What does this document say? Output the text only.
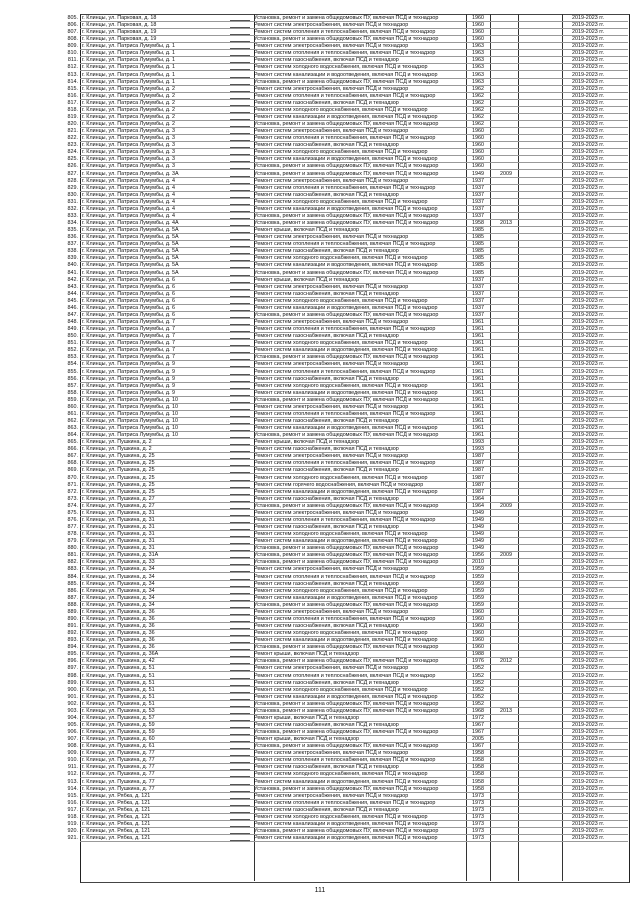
805. г. Клинцы, ул. Парковая, д. 18	Установка, ремонт и замена общедомовых ПУ, включая ПСД и технадзор	1960	2019-2023 гг.
806. г. Клинцы, ул. Парковая, д. 18	Ремонт систем электроснабжения, включая ПСД и технадзор	1960	2019-2023 гг.
807. г. Клинцы, ул. Парковая, д. 19	Ремонт систем отопления и теплоснабжения, включая ПСД и технадзор	1960	2019-2023 гг.
808. г. Клинцы, ул. Парковая, д. 19	Установка, ремонт и замена общедомовых ПУ, включая ПСД и технадзор	1960	2019-2023 гг.
809. г. Клинцы, ул. Патриса Лумумбы, д. 1	Ремонт систем электроснабжения, включая ПСД и технадзор	1963	2019-2023 гг.
810. г. Клинцы, ул. Патриса Лумумбы, д. 1	Ремонт систем отопления и теплоснабжения, включая ПСД и технадзор	1963	2019-2023 гг.
811. г. Клинцы, ул. Патриса Лумумбы, д. 1	Ремонт систем газоснабжения, включая ПСД и технадзор	1963	2019-2023 гг.
812. г. Клинцы, ул. Патриса Лумумбы, д. 1	Ремонт систем холодного водоснабжения, включая ПСД и технадзор	1963	2019-2023 гг.
813. г. Клинцы, ул. Патриса Лумумбы, д. 1	Ремонт систем канализации и водоотведения, включая ПСД и технадзор	1963	2019-2023 гг.
814. г. Клинцы, ул. Патриса Лумумбы, д. 1	Установка, ремонт и замена общедомовых ПУ, включая ПСД и технадзор	1963	2019-2023 гг.
815. г. Клинцы, ул. Патриса Лумумбы, д. 2	Ремонт систем электроснабжения, включая ПСД и технадзор	1962	2019-2023 гг.
816. г. Клинцы, ул. Патриса Лумумбы, д. 2	Ремонт систем отопления и теплоснабжения, включая ПСД и технадзор	1962	2019-2023 гг.
817. г. Клинцы, ул. Патриса Лумумбы, д. 2	Ремонт систем газоснабжения, включая ПСД и технадзор	1962	2019-2023 гг.
818. г. Клинцы, ул. Патриса Лумумбы, д. 2	Ремонт систем холодного водоснабжения, включая ПСД и технадзор	1962	2019-2023 гг.
819. г. Клинцы, ул. Патриса Лумумбы, д. 2	Ремонт систем канализации и водоотведения, включая ПСД и технадзор	1962	2019-2023 гг.
820. г. Клинцы, ул. Патриса Лумумбы, д. 2	Установка, ремонт и замена общедомовых ПУ, включая ПСД и технадзор	1962	2019-2023 гг.
821. г. Клинцы, ул. Патриса Лумумбы, д. 3	Ремонт систем электроснабжения, включая ПСД и технадзор	1960	2019-2023 гг.
822. г. Клинцы, ул. Патриса Лумумбы, д. 3	Ремонт систем отопления и теплоснабжения, включая ПСД и технадзор	1960	2019-2023 гг.
823. г. Клинцы, ул. Патриса Лумумбы, д. 3	Ремонт систем газоснабжения, включая ПСД и технадзор	1960	2019-2023 гг.
824. г. Клинцы, ул. Патриса Лумумбы, д. 3	Ремонт систем холодного водоснабжения, включая ПСД и технадзор	1960	2019-2023 гг.
825. г. Клинцы, ул. Патриса Лумумбы, д. 3	Ремонт систем канализации и водоотведения, включая ПСД и технадзор	1960	2019-2023 гг.
826. г. Клинцы, ул. Патриса Лумумбы, д. 3	Установка, ремонт и замена общедомовых ПУ, включая ПСД и технадзор	1960	2019-2023 гг.
827. г. Клинцы, ул. Патриса Лумумбы, д. 3А	Установка, ремонт и замена общедомовых ПУ, включая ПСД и технадзор	1949	2009	2019-2023 гг.
828. г. Клинцы, ул. Патриса Лумумбы, д. 4	Ремонт систем электроснабжения, включая ПСД и технадзор	1937	2019-2023 гг.
829. г. Клинцы, ул. Патриса Лумумбы, д. 4	Ремонт систем отопления и теплоснабжения, включая ПСД и технадзор	1937	2019-2023 гг.
830. г. Клинцы, ул. Патриса Лумумбы, д. 4	Ремонт систем газоснабжения, включая ПСД и технадзор	1937	2019-2023 гг.
831. г. Клинцы, ул. Патриса Лумумбы, д. 4	Ремонт систем холодного водоснабжения, включая ПСД и технадзор	1937	2019-2023 гг.
832. г. Клинцы, ул. Патриса Лумумбы, д. 4	Ремонт систем канализации и водоотведения, включая ПСД и технадзор	1937	2019-2023 гг.
833. г. Клинцы, ул. Патриса Лумумбы, д. 4	Установка, ремонт и замена общедомовых ПУ, включая ПСД и технадзор	1937	2019-2023 гг.
834. г. Клинцы, ул. Патриса Лумумбы, д. 4А	Установка, ремонт и замена общедомовых ПУ, включая ПСД и технадзор	1958	2013	2019-2023 гг.
835. г. Клинцы, ул. Патриса Лумумбы, д. 5А	Ремонт крыши, включая ПСД и технадзор	1985	2019-2023 гг.
836. г. Клинцы, ул. Патриса Лумумбы, д. 5А	Ремонт систем электроснабжения, включая ПСД и технадзор	1985	2019-2023 гг.
837. г. Клинцы, ул. Патриса Лумумбы, д. 5А	Ремонт систем отопления и теплоснабжения, включая ПСД и технадзор	1985	2019-2023 гг.
838. г. Клинцы, ул. Патриса Лумумбы, д. 5А	Ремонт систем газоснабжения, включая ПСД и технадзор	1985	2019-2023 гг.
839. г. Клинцы, ул. Патриса Лумумбы, д. 5А	Ремонт систем холодного водоснабжения, включая ПСД и технадзор	1985	2019-2023 гг.
840. г. Клинцы, ул. Патриса Лумумбы, д. 5А	Ремонт систем канализации и водоотведения, включая ПСД и технадзор	1985	2019-2023 гг.
841. г. Клинцы, ул. Патриса Лумумбы, д. 5А	Установка, ремонт и замена общедомовых ПУ, включая ПСД и технадзор	1985	2019-2023 гг.
842. г. Клинцы, ул. Патриса Лумумбы, д. 6	Ремонт крыши, включая ПСД и технадзор	1937	2019-2023 гг.
843. г. Клинцы, ул. Патриса Лумумбы, д. 6	Ремонт систем электроснабжения, включая ПСД и технадзор	1937	2019-2023 гг.
844. г. Клинцы, ул. Патриса Лумумбы, д. 6	Ремонт систем газоснабжения, включая ПСД и технадзор	1937	2019-2023 гг.
845. г. Клинцы, ул. Патриса Лумумбы, д. 6	Ремонт систем холодного водоснабжения, включая ПСД и технадзор	1937	2019-2023 гг.
846. г. Клинцы, ул. Патриса Лумумбы, д. 6	Ремонт систем канализации и водоотведения, включая ПСД и технадзор	1937	2019-2023 гг.
847. г. Клинцы, ул. Патриса Лумумбы, д. 6	Установка, ремонт и замена общедомовых ПУ, включая ПСД и технадзор	1937	2019-2023 гг.
848. г. Клинцы, ул. Патриса Лумумбы, д. 7	Ремонт систем электроснабжения, включая ПСД и технадзор	1961	2019-2023 гг.
849. г. Клинцы, ул. Патриса Лумумбы, д. 7	Ремонт систем отопления и теплоснабжения, включая ПСД и технадзор	1961	2019-2023 гг.
850. г. Клинцы, ул. Патриса Лумумбы, д. 7	Ремонт систем газоснабжения, включая ПСД и технадзор	1961	2019-2023 гг.
851. г. Клинцы, ул. Патриса Лумумбы, д. 7	Ремонт систем холодного водоснабжения, включая ПСД и технадзор	1961	2019-2023 гг.
852. г. Клинцы, ул. Патриса Лумумбы, д. 7	Ремонт систем канализации и водоотведения, включая ПСД и технадзор	1961	2019-2023 гг.
853. г. Клинцы, ул. Патриса Лумумбы, д. 7	Установка, ремонт и замена общедомовых ПУ, включая ПСД и технадзор	1961	2019-2023 гг.
854. г. Клинцы, ул. Патриса Лумумбы, д. 9	Ремонт систем электроснабжения, включая ПСД и технадзор	1961	2019-2023 гг.
855. г. Клинцы, ул. Патриса Лумумбы, д. 9	Ремонт систем отопления и теплоснабжения, включая ПСД и технадзор	1961	2019-2023 гг.
856. г. Клинцы, ул. Патриса Лумумбы, д. 9	Ремонт систем газоснабжения, включая ПСД и технадзор	1961	2019-2023 гг.
857. г. Клинцы, ул. Патриса Лумумбы, д. 9	Ремонт систем холодного водоснабжения, включая ПСД и технадзор	1961	2019-2023 гг.
858. г. Клинцы, ул. Патриса Лумумбы, д. 9	Ремонт систем канализации и водоотведения, включая ПСД и технадзор	1961	2019-2023 гг.
859. г. Клинцы, ул. Патриса Лумумбы, д. 10	Установка, ремонт и замена общедомовых ПУ, включая ПСД и технадзор	1961	2019-2023 гг.
860. г. Клинцы, ул. Патриса Лумумбы, д. 10	Ремонт систем электроснабжения, включая ПСД и технадзор	1961	2019-2023 гг.
861. г. Клинцы, ул. Патриса Лумумбы, д. 10	Ремонт систем отопления и теплоснабжения, включая ПСД и технадзор	1961	2019-2023 гг.
862. г. Клинцы, ул. Патриса Лумумбы, д. 10	Ремонт систем газоснабжения, включая ПСД и технадзор	1961	2019-2023 гг.
863. г. Клинцы, ул. Патриса Лумумбы, д. 10	Ремонт систем канализации и водоотведения, включая ПСД и технадзор	1961	2019-2023 гг.
864. г. Клинцы, ул. Патриса Лумумбы, д. 10	Установка, ремонт и замена общедомовых ПУ, включая ПСД и технадзор	1961	2019-2023 гг.
865. г. Клинцы, ул. Пушкина, д. 2	Ремонт крыши, включая ПСД и технадзор	1993	2019-2023 гг.
866. г. Клинцы, ул. Пушкина, д. 2	Ремонт систем газоснабжения, включая ПСД и технадзор	1993	2019-2023 гг.
867. г. Клинцы, ул. Пушкина, д. 25	Ремонт систем электроснабжения, включая ПСД и технадзор	1987	2019-2023 гг.
868. г. Клинцы, ул. Пушкина, д. 25	Ремонт систем отопления и теплоснабжения, включая ПСД и технадзор	1987	2019-2023 гг.
869. г. Клинцы, ул. Пушкина, д. 25	Ремонт систем газоснабжения, включая ПСД и технадзор	1987	2019-2023 гг.
870. г. Клинцы, ул. Пушкина, д. 25	Ремонт систем холодного водоснабжения, включая ПСД и технадзор	1987	2019-2023 гг.
871. г. Клинцы, ул. Пушкина, д. 25	Ремонт систем горячего водоснабжения, включая ПСД и технадзор	1987	2019-2023 гг.
872. г. Клинцы, ул. Пушкина, д. 25	Ремонт систем канализации и водоотведения, включая ПСД и технадзор	1987	2019-2023 гг.
873. г. Клинцы, ул. Пушкина, д. 27	Ремонт систем газоснабжения, включая ПСД и технадзор	1964	2019-2023 гг.
874. г. Клинцы, ул. Пушкина, д. 27	Установка, ремонт и замена общедомовых ПУ, включая ПСД и технадзор	1964	2009	2019-2023 гг.
875. г. Клинцы, ул. Пушкина, д. 31	Ремонт систем электроснабжения, включая ПСД и технадзор	1949	2019-2023 гг.
876. г. Клинцы, ул. Пушкина, д. 31	Ремонт систем отопления и теплоснабжения, включая ПСД и технадзор	1949	2019-2023 гг.
877. г. Клинцы, ул. Пушкина, д. 31	Ремонт систем газоснабжения, включая ПСД и технадзор	1949	2019-2023 гг.
878. г. Клинцы, ул. Пушкина, д. 31	Ремонт систем холодного водоснабжения, включая ПСД и технадзор	1949	2019-2023 гг.
879. г. Клинцы, ул. Пушкина, д. 31	Ремонт систем канализации и водоотведения, включая ПСД и технадзор	1949	2019-2023 гг.
880. г. Клинцы, ул. Пушкина, д. 31	Установка, ремонт и замена общедомовых ПУ, включая ПСД и технадзор	1949	2019-2023 гг.
881. г. Клинцы, ул. Пушкина, д. 31А	Установка, ремонт и замена общедомовых ПУ, включая ПСД и технадзор	1956	2009	2019-2023 гг.
882. г. Клинцы, ул. Пушкина, д. 33	Установка, ремонт и замена общедомовых ПУ, включая ПСД и технадзор	2010	2019-2023 гг.
883. г. Клинцы, ул. Пушкина, д. 34	Ремонт систем электроснабжения, включая ПСД и технадзор	1959	2019-2023 гг.
884. г. Клинцы, ул. Пушкина, д. 34	Ремонт систем отопления и теплоснабжения, включая ПСД и технадзор	1959	2019-2023 гг.
885. г. Клинцы, ул. Пушкина, д. 34	Ремонт систем газоснабжения, включая ПСД и технадзор	1959	2019-2023 гг.
886. г. Клинцы, ул. Пушкина, д. 34	Ремонт систем холодного водоснабжения, включая ПСД и технадзор	1959	2019-2023 гг.
887. г. Клинцы, ул. Пушкина, д. 34	Ремонт систем канализации и водоотведения, включая ПСД и технадзор	1959	2019-2023 гг.
888. г. Клинцы, ул. Пушкина, д. 34	Установка, ремонт и замена общедомовых ПУ, включая ПСД и технадзор	1959	2019-2023 гг.
889. г. Клинцы, ул. Пушкина, д. 36	Ремонт систем электроснабжения, включая ПСД и технадзор	1960	2019-2023 гг.
890. г. Клинцы, ул. Пушкина, д. 36	Ремонт систем отопления и теплоснабжения, включая ПСД и технадзор	1960	2019-2023 гг.
891. г. Клинцы, ул. Пушкина, д. 36	Ремонт систем газоснабжения, включая ПСД и технадзор	1960	2019-2023 гг.
892. г. Клинцы, ул. Пушкина, д. 36	Ремонт систем холодного водоснабжения, включая ПСД и технадзор	1960	2019-2023 гг.
893. г. Клинцы, ул. Пушкина, д. 36	Ремонт систем канализации и водоотведения, включая ПСД и технадзор	1960	2019-2023 гг.
894. г. Клинцы, ул. Пушкина, д. 36	Установка, ремонт и замена общедомовых ПУ, включая ПСД и технадзор	1960	2019-2023 гг.
895. г. Клинцы, ул. Пушкина, д. 36А	Ремонт крыши, включая ПСД и технадзор	1988	2019-2023 гг.
896. г. Клинцы, ул. Пушкина, д. 42	Установка, ремонт и замена общедомовых ПУ, включая ПСД и технадзор	1976	2012	2019-2023 гг.
897. г. Клинцы, ул. Пушкина, д. 51	Ремонт систем электроснабжения, включая ПСД и технадзор	1952	2019-2023 гг.
898. г. Клинцы, ул. Пушкина, д. 51	Ремонт систем отопления и теплоснабжения, включая ПСД и технадзор	1952	2019-2023 гг.
899. г. Клинцы, ул. Пушкина, д. 51	Ремонт систем газоснабжения, включая ПСД и технадзор	1952	2019-2023 гг.
900. г. Клинцы, ул. Пушкина, д. 51	Ремонт систем холодного водоснабжения, включая ПСД и технадзор	1952	2019-2023 гг.
901. г. Клинцы, ул. Пушкина, д. 51	Ремонт систем канализации и водоотведения, включая ПСД и технадзор	1952	2019-2023 гг.
902. г. Клинцы, ул. Пушкина, д. 51	Установка, ремонт и замена общедомовых ПУ, включая ПСД и технадзор	1952	2019-2023 гг.
903. г. Клинцы, ул. Пушкина, д. 53	Установка, ремонт и замена общедомовых ПУ, включая ПСД и технадзор	1968	2013	2019-2023 гг.
904. г. Клинцы, ул. Пушкина, д. 57	Ремонт крыши, включая ПСД и технадзор	1972	2019-2023 гг.
905. г. Клинцы, ул. Пушкина, д. 59	Ремонт систем газоснабжения, включая ПСД и технадзор	1967	2019-2023 гг.
906. г. Клинцы, ул. Пушкина, д. 59	Установка, ремонт и замена общедомовых ПУ, включая ПСД и технадзор	1967	2019-2023 гг.
907. г. Клинцы, ул. Пушкина, д. 60	Ремонт крыши, включая ПСД и технадзор	2005	2019-2023 гг.
908. г. Клинцы, ул. Пушкина, д. 61	Установка, ремонт и замена общедомовых ПУ, включая ПСД и технадзор	1967	2019-2023 гг.
909. г. Клинцы, ул. Пушкина, д. 77	Ремонт систем электроснабжения, включая ПСД и технадзор	1958	2019-2023 гг.
910. г. Клинцы, ул. Пушкина, д. 77	Ремонт систем отопления и теплоснабжения, включая ПСД и технадзор	1958	2019-2023 гг.
911. г. Клинцы, ул. Пушкина, д. 77	Ремонт систем газоснабжения, включая ПСД и технадзор	1958	2019-2023 гг.
912. г. Клинцы, ул. Пушкина, д. 77	Ремонт систем холодного водоснабжения, включая ПСД и технадзор	1958	2019-2023 гг.
913. г. Клинцы, ул. Пушкина, д. 77	Ремонт систем канализации и водоотведения, включая ПСД и технадзор	1958	2019-2023 гг.
914. г. Клинцы, ул. Пушкина, д. 77	Установка, ремонт и замена общедомовых ПУ, включая ПСД и технадзор	1958	2019-2023 гг.
915. г. Клинцы, ул. Рябка, д. 121	Ремонт систем электроснабжения, включая ПСД и технадзор	1973	2019-2023 гг.
916. г. Клинцы, ул. Рябка, д. 121	Ремонт систем отопления и теплоснабжения, включая ПСД и технадзор	1973	2019-2023 гг.
917. г. Клинцы, ул. Рябка, д. 121	Ремонт систем газоснабжения, включая ПСД и технадзор	1973	2019-2023 гг.
918. г. Клинцы, ул. Рябка, д. 121	Ремонт систем холодного водоснабжения, включая ПСД и технадзор	1973	2019-2023 гг.
919. г. Клинцы, ул. Рябка, д. 121	Ремонт систем канализации и водоотведения, включая ПСД и технадзор	1973	2019-2023 гг.
920. г. Клинцы, ул. Рябка, д. 121	Установка, ремонт и замена общедомовых ПУ, включая ПСД и технадзор	1973	2019-2023 гг.
921. г. Клинцы, ул. Рябка, д. 121	Ремонт систем канализации и водоотведения, включая ПСД и технадзор	1973	2019-2023 гг.
111
